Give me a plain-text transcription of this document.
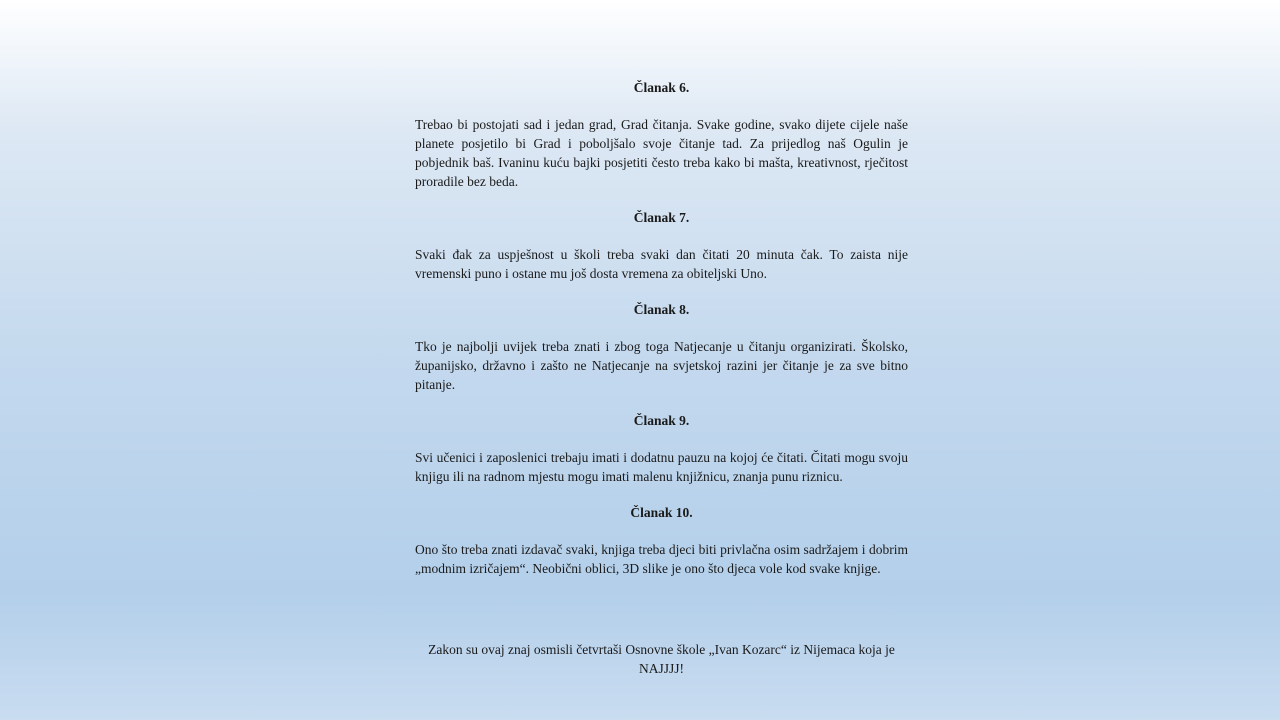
Članak 6.

Trebao bi postojati sad i jedan grad, Grad čitanja. Svake godine, svako dijete cijele naše planete posjetilo bi Grad i poboljšalo svoje čitanje tad. Za prijedlog naš Ogulin je pobjednik baš. Ivaninu kuću bajki posjetiti često treba kako bi mašta, kreativnost, rječitost proradile bez beda.

Članak 7.

Svaki đak za uspješnost u školi treba svaki dan čitati 20 minuta čak. To zaista nije vremenski puno i ostane mu još dosta vremena za obiteljski Uno.

Članak 8.

Tko je najbolji uvijek treba znati i zbog toga Natjecanje u čitanju organizirati. Školsko, županijsko, državno i zašto ne Natjecanje na svjetskoj razini jer čitanje je za sve bitno pitanje.

Članak 9.

Svi učenici i zaposlenici trebaju imati i dodatnu pauzu na kojoj će čitati. Čitati mogu svoju knjigu ili na radnom mjestu mogu imati malenu knjižnicu, znanja punu riznicu.

Članak 10.

Ono što treba znati izdavač svaki, knjiga treba djeci biti privlačna osim sadržajem i dobrim „modnim izričajem“. Neobični oblici, 3D slike je ono što djeca vole kod svake knjige.

Zakon su ovaj znaj osmisli četvrtaši Osnovne škole „Ivan Kozarc“ iz Nijemaca koja je NAJJJJ!
